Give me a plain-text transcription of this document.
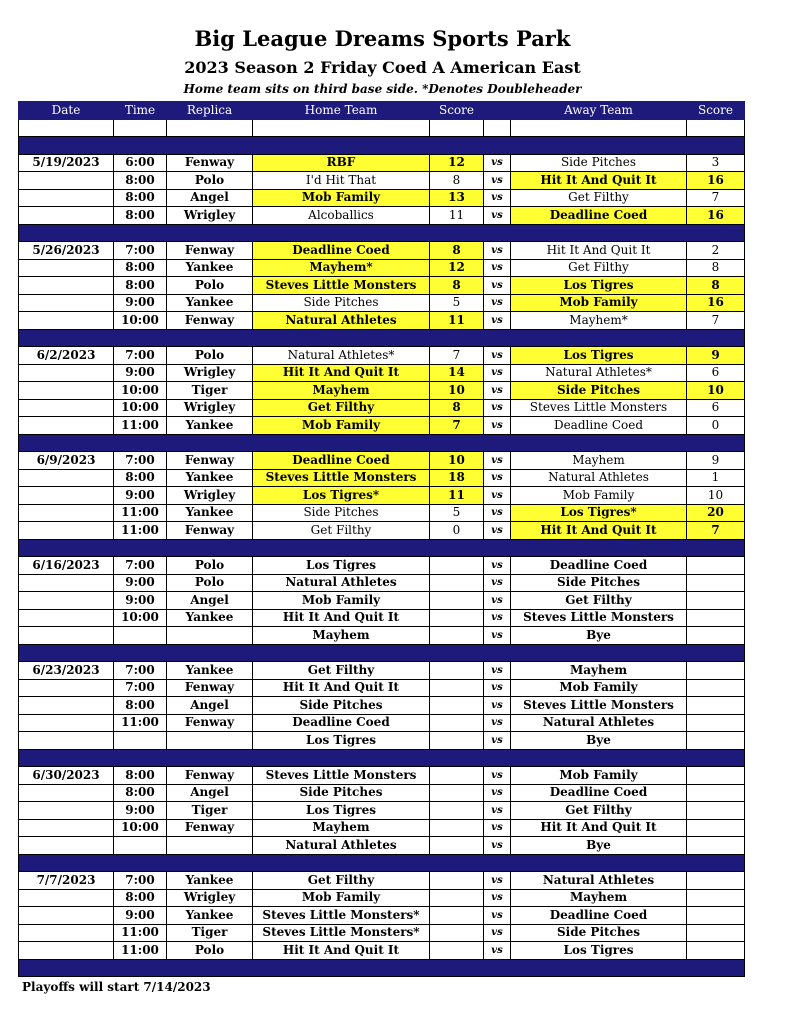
Big League Dreams Sports Park
2023 Season 2 Friday Coed A American East
Home team sits on third base side. *Denotes Doubleheader
Date	Time	Replica	Home Team	Score		Away Team	Score

5/19/2023	6:00	Fenway	RBF	12	vs	Side Pitches	3
	8:00	Polo	I'd Hit That	8	vs	Hit It And Quit It	16
	8:00	Angel	Mob Family	13	vs	Get Filthy	7
	8:00	Wrigley	Alcoballics	11	vs	Deadline Coed	16

5/26/2023	7:00	Fenway	Deadline Coed	8	vs	Hit It And Quit It	2
	8:00	Yankee	Mayhem*	12	vs	Get Filthy	8
	8:00	Polo	Steves Little Monsters	8	vs	Los Tigres	8
	9:00	Yankee	Side Pitches	5	vs	Mob Family	16
	10:00	Fenway	Natural Athletes	11	vs	Mayhem*	7

6/2/2023	7:00	Polo	Natural Athletes*	7	vs	Los Tigres	9
	9:00	Wrigley	Hit It And Quit It	14	vs	Natural Athletes*	6
	10:00	Tiger	Mayhem	10	vs	Side Pitches	10
	10:00	Wrigley	Get Filthy	8	vs	Steves Little Monsters	6
	11:00	Yankee	Mob Family	7	vs	Deadline Coed	0

6/9/2023	7:00	Fenway	Deadline Coed	10	vs	Mayhem	9
	8:00	Yankee	Steves Little Monsters	18	vs	Natural Athletes	1
	9:00	Wrigley	Los Tigres*	11	vs	Mob Family	10
	11:00	Yankee	Side Pitches	5	vs	Los Tigres*	20
	11:00	Fenway	Get Filthy	0	vs	Hit It And Quit It	7

6/16/2023	7:00	Polo	Los Tigres		vs	Deadline Coed	
	9:00	Polo	Natural Athletes		vs	Side Pitches	
	9:00	Angel	Mob Family		vs	Get Filthy	
	10:00	Yankee	Hit It And Quit It		vs	Steves Little Monsters	
			Mayhem		vs	Bye	

6/23/2023	7:00	Yankee	Get Filthy		vs	Mayhem	
	7:00	Fenway	Hit It And Quit It		vs	Mob Family	
	8:00	Angel	Side Pitches		vs	Steves Little Monsters	
	11:00	Fenway	Deadline Coed		vs	Natural Athletes	
			Los Tigres		vs	Bye	

6/30/2023	8:00	Fenway	Steves Little Monsters		vs	Mob Family	
	8:00	Angel	Side Pitches		vs	Deadline Coed	
	9:00	Tiger	Los Tigres		vs	Get Filthy	
	10:00	Fenway	Mayhem		vs	Hit It And Quit It	
			Natural Athletes		vs	Bye	

7/7/2023	7:00	Yankee	Get Filthy		vs	Natural Athletes	
	8:00	Wrigley	Mob Family		vs	Mayhem	
	9:00	Yankee	Steves Little Monsters*		vs	Deadline Coed	
	11:00	Tiger	Steves Little Monsters*		vs	Side Pitches	
	11:00	Polo	Hit It And Quit It		vs	Los Tigres	

Playoffs will start 7/14/2023
